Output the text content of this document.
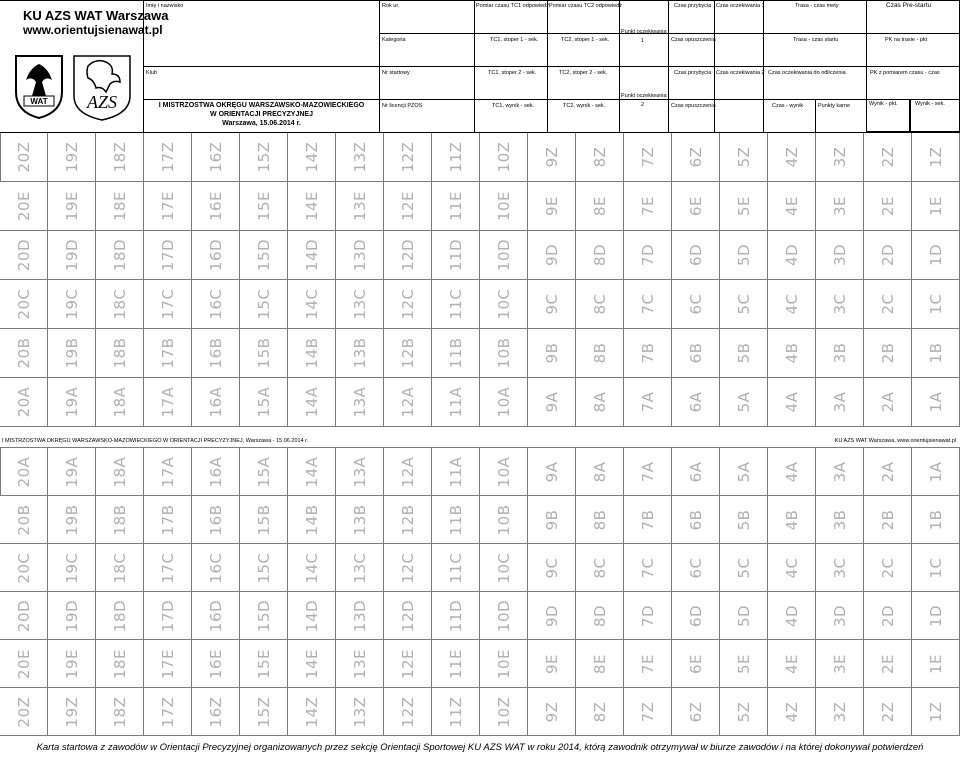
KU AZS WAT Warszawa
www.orientujsienawat.pl
WAT AZS
Imię i nazwisko
Klub
I MISTRZOSTWA OKRĘGU WARSZAWSKO-MAZOWIECKIEGO
W ORIENTACJI PRECYZYJNEJ
Warszawa, 15.06.2014 r.
Rok ur.
Kategoria
Nr startowy
Nr licencji PZOS
Pomiar czasu TC1 odpowiedź Pomiar czasu TC2 odpowiedź
TC1, stoper 1 - sek.	TC2, stoper 1 - sek.
TC1, stoper 2 - sek.	TC2, stoper 2 - sek.
TC1, wynik - sek.	TC2, wynik - sek.
Punkt oczekiwania
1
Punkt oczekiwania
2
Czas przybycia
Czas opuszczenia
Czas przybycia
Czas opuszczenia
Czas oczekiwania 1
Czas oczekiwania 2
Trasa - czas mety
Trasa - czas startu
Czas oczekiwania do odliczenia
Czas - wynik	Punkty karne
Czas Pre-startu
PK na trasie - pkt
PK z pomiarem czasu - czas
Wynik - pkt.	Wynik - sek.
20Z 19Z 18Z 17Z 16Z 15Z 14Z 13Z 12Z 11Z 10Z 9Z 8Z 7Z 6Z 5Z 4Z 3Z 2Z 1Z
20E 19E 18E 17E 16E 15E 14E 13E 12E 11E 10E 9E 8E 7E 6E 5E 4E 3E 2E 1E
20D 19D 18D 17D 16D 15D 14D 13D 12D 11D 10D 9D 8D 7D 6D 5D 4D 3D 2D 1D
20C 19C 18C 17C 16C 15C 14C 13C 12C 11C 10C 9C 8C 7C 6C 5C 4C 3C 2C 1C
20B 19B 18B 17B 16B 15B 14B 13B 12B 11B 10B 9B 8B 7B 6B 5B 4B 3B 2B 1B
20A 19A 18A 17A 16A 15A 14A 13A 12A 11A 10A 9A 8A 7A 6A 5A 4A 3A 2A 1A
I MISTRZOSTWA OKRĘGU WARSZAWSKO-MAZOWIECKIEGO W ORIENTACJI PRECYZYJNEJ, Warszawa - 15.06.2014 r.	KU AZS WAT Warszawa, www.orientujsienawat.pl
20A 19A 18A 17A 16A 15A 14A 13A 12A 11A 10A 9A 8A 7A 6A 5A 4A 3A 2A 1A
20B 19B 18B 17B 16B 15B 14B 13B 12B 11B 10B 9B 8B 7B 6B 5B 4B 3B 2B 1B
20C 19C 18C 17C 16C 15C 14C 13C 12C 11C 10C 9C 8C 7C 6C 5C 4C 3C 2C 1C
20D 19D 18D 17D 16D 15D 14D 13D 12D 11D 10D 9D 8D 7D 6D 5D 4D 3D 2D 1D
20E 19E 18E 17E 16E 15E 14E 13E 12E 11E 10E 9E 8E 7E 6E 5E 4E 3E 2E 1E
20Z 19Z 18Z 17Z 16Z 15Z 14Z 13Z 12Z 11Z 10Z 9Z 8Z 7Z 6Z 5Z 4Z 3Z 2Z 1Z
Karta startowa z zawodów w Orientacji Precyzyjnej organizowanych przez sekcję Orientacji Sportowej KU AZS WAT w roku 2014, którą zawodnik otrzymywał w biurze zawodów i na której dokonywał potwierdzeń
